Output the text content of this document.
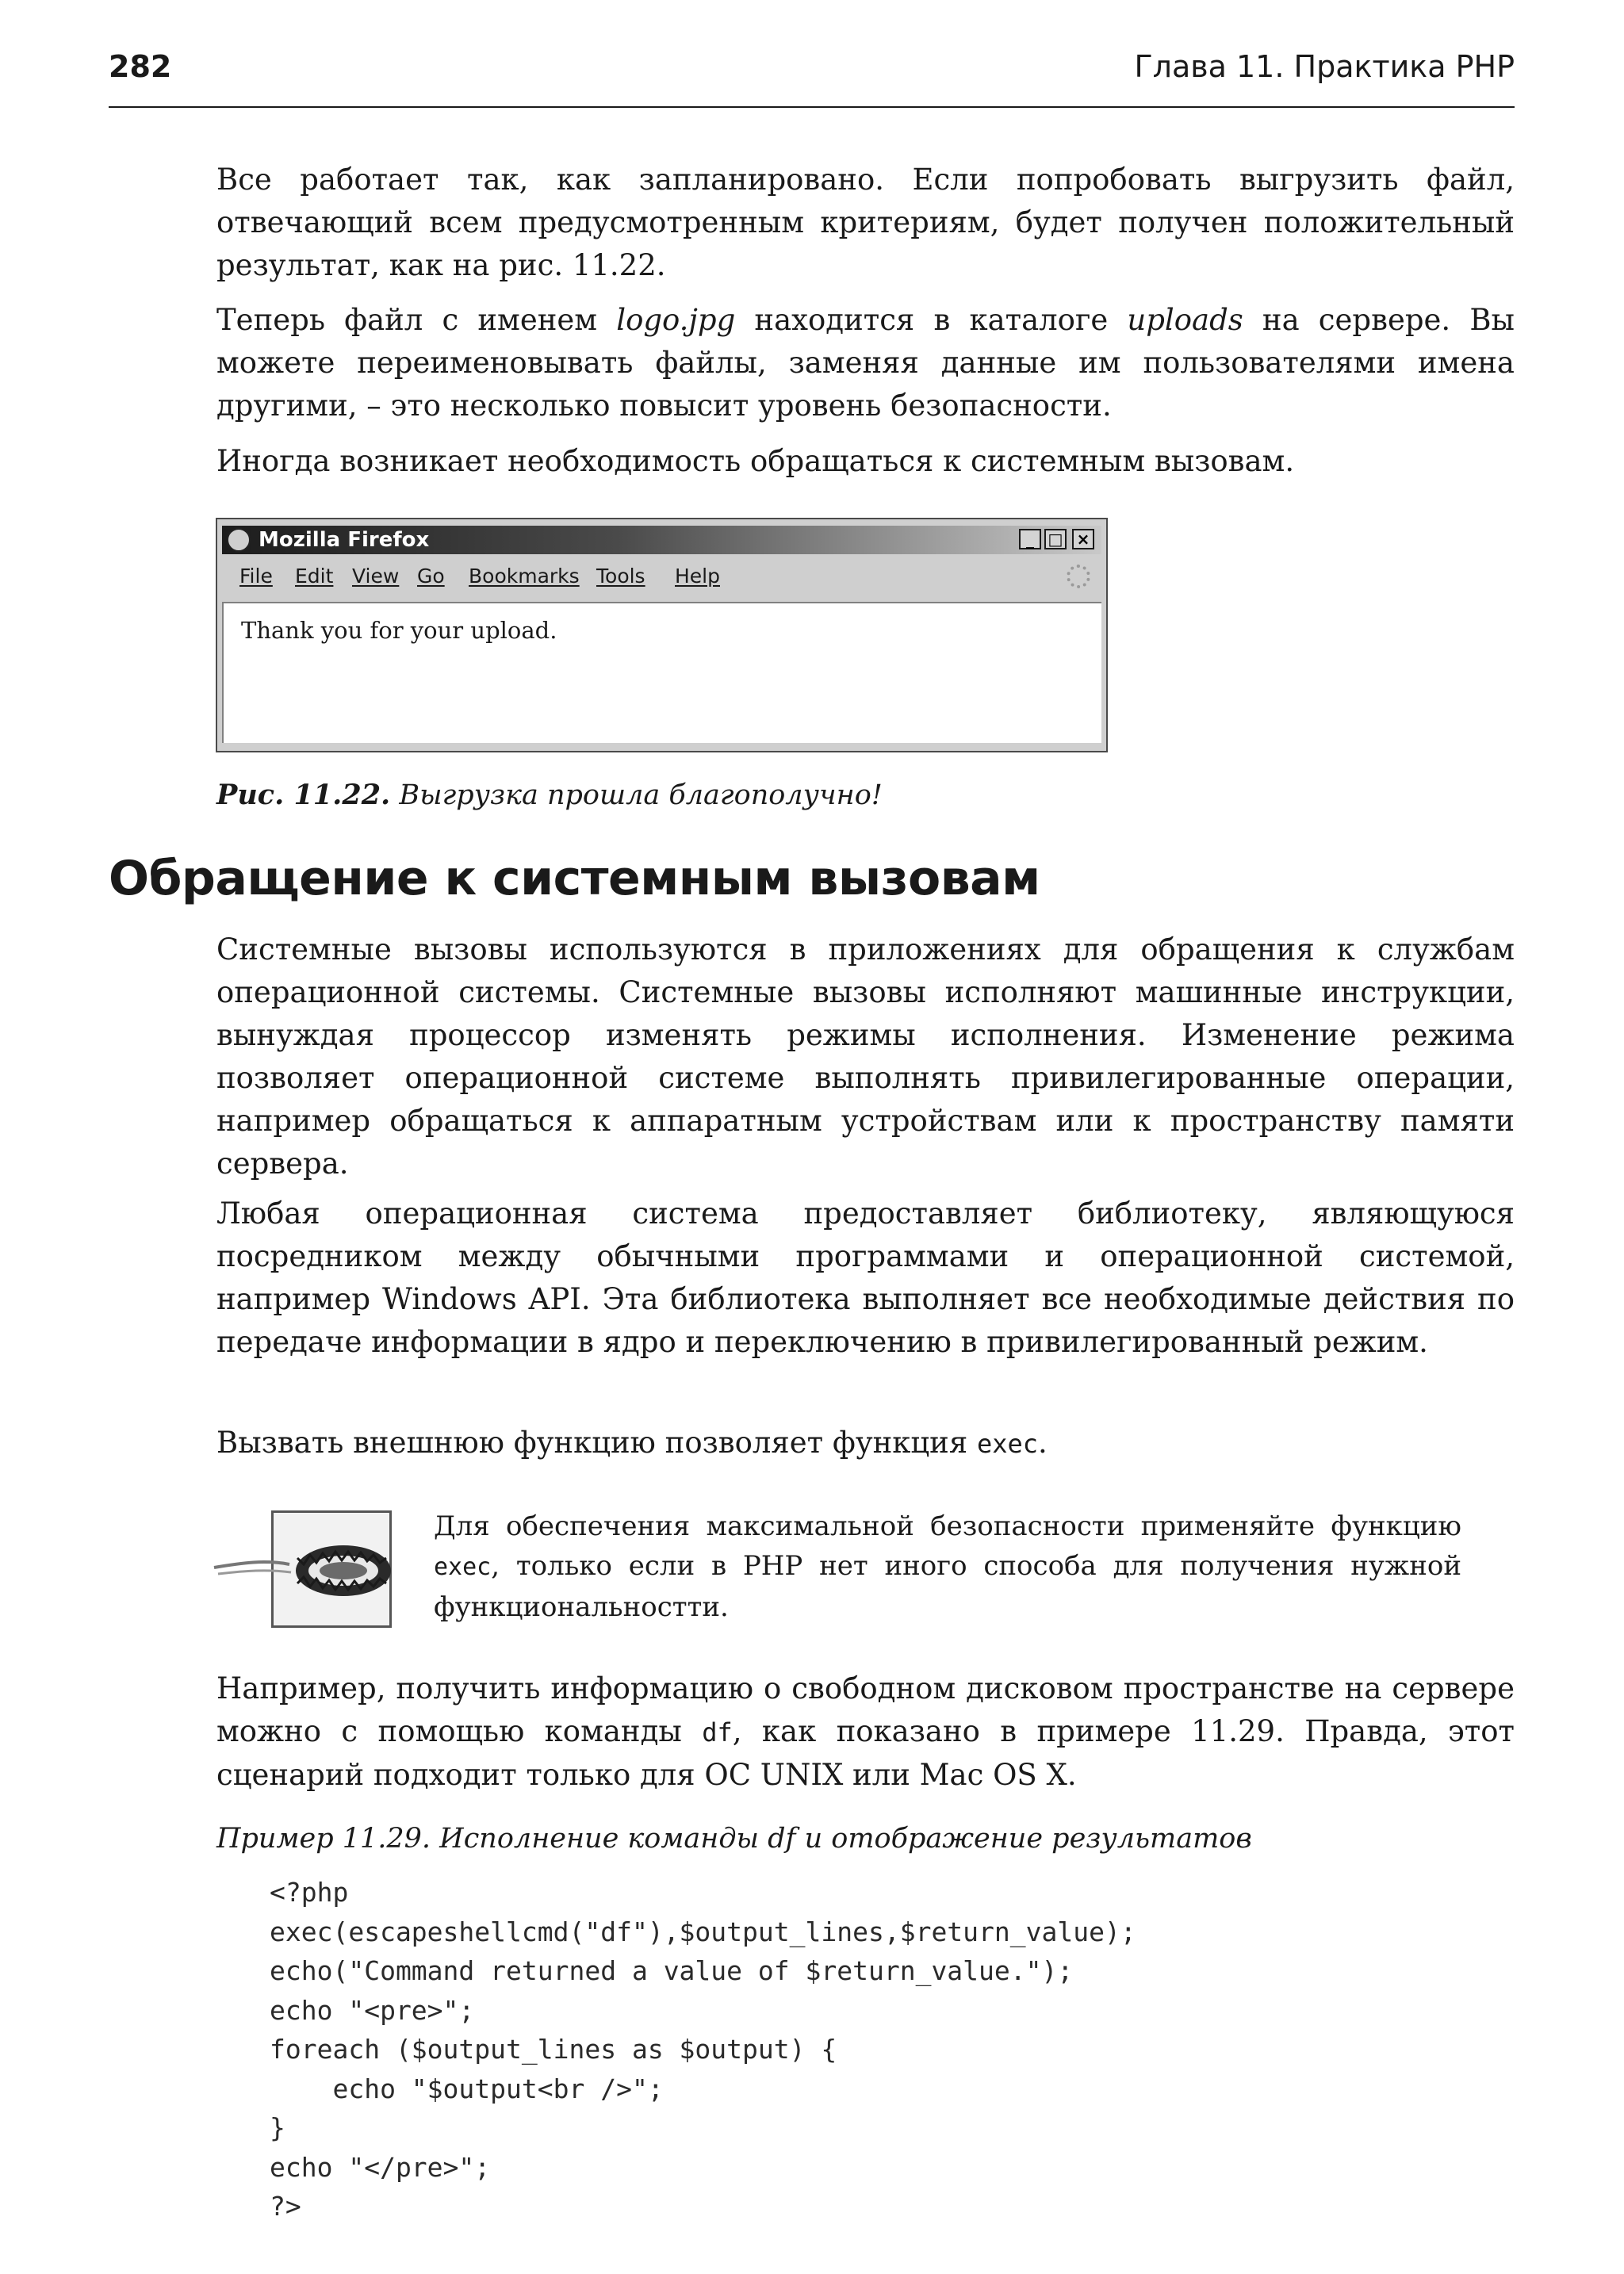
282	Глава 11. Практика PHP

Все работает так, как запланировано. Если попробовать выгрузить файл, отвечающий всем предусмотренным критериям, будет получен положительный результат, как на рис. 11.22.

Теперь файл с именем logo.jpg находится в каталоге uploads на сервере. Вы можете переименовывать файлы, заменяя данные им пользователями имена другими, – это несколько повысит уровень безопасности.

Иногда возникает необходимость обращаться к системным вызовам.

Mozilla Firefox	_ □ ×
File Edit View Go Bookmarks Tools Help
Thank you for your upload.

Рис. 11.22. Выгрузка прошла благополучно!

Обращение к системным вызовам

Системные вызовы используются в приложениях для обращения к службам операционной системы. Системные вызовы исполняют машинные инструкции, вынуждая процессор изменять режимы исполнения. Изменение режима позволяет операционной системе выполнять привилегированные операции, например обращаться к аппаратным устройствам или к пространству памяти сервера.

Любая операционная система предоставляет библиотеку, являющуюся посредником между обычными программами и операционной системой, например Windows API. Эта библиотека выполняет все необходимые действия по передаче информации в ядро и переключению в привилегированный режим.

Вызвать внешнюю функцию позволяет функция exec.

Для обеспечения максимальной безопасности применяйте функцию exec, только если в PHP нет иного способа для получения нужной функциональностти.

Например, получить информацию о свободном дисковом пространстве на сервере можно с помощью команды df, как показано в примере 11.29. Правда, этот сценарий подходит только для ОС UNIX или Mac OS X.

Пример 11.29. Исполнение команды df и отображение результатов

<?php
exec(escapeshellcmd("df"),$output_lines,$return_value);
echo("Command returned a value of $return_value.");
echo "<pre>";
foreach ($output_lines as $output) {
echo "$output<br />";
}
echo "</pre>";
?>
